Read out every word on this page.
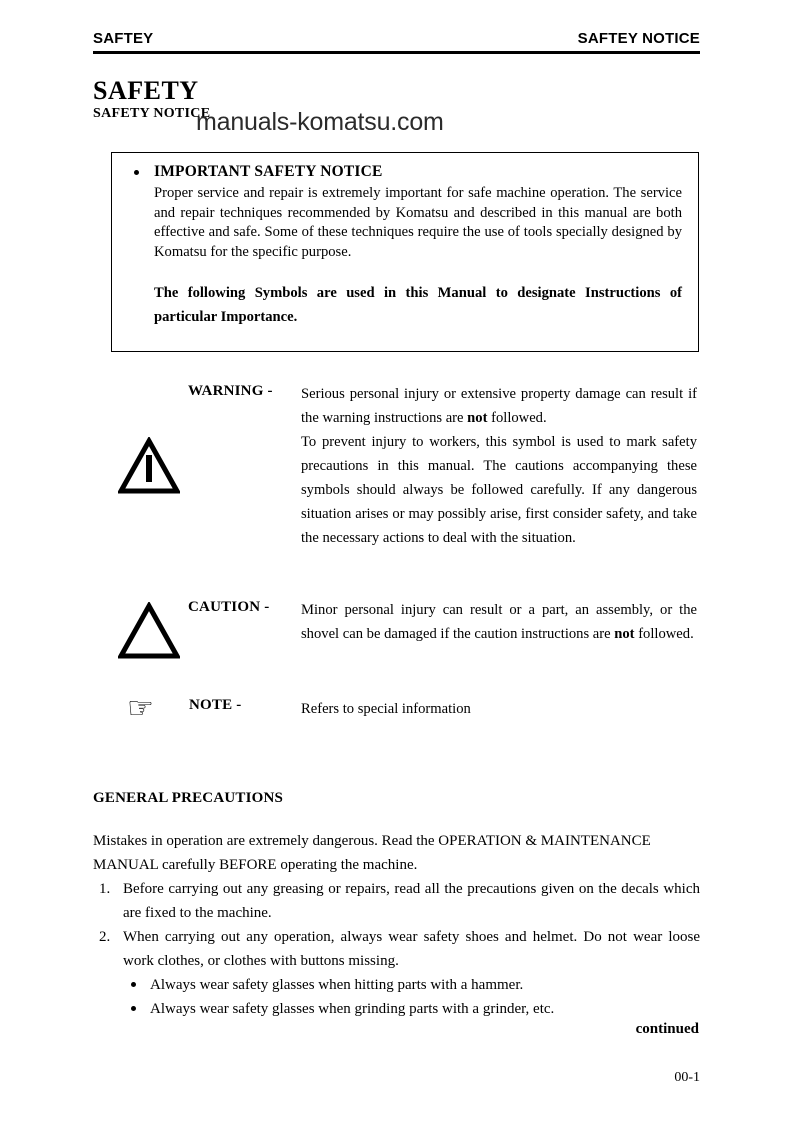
SAFTEY	SAFTEY NOTICE
SAFETY
SAFETY NOTICE
manuals-komatsu.com
IMPORTANT SAFETY NOTICE
Proper service and repair is extremely important for safe machine operation. The service and repair techniques recommended by Komatsu and described in this manual are both effective and safe. Some of these techniques require the use of tools specially designed by Komatsu for the specific purpose.
The following Symbols are used in this Manual to designate Instructions of particular Importance.
WARNING - Serious personal injury or extensive property damage can result if the warning instructions are not followed.
To prevent injury to workers, this symbol is used to mark safety precautions in this manual. The cautions accompanying these symbols should always be followed carefully. If any dangerous situation arises or may possibly arise, first consider safety, and take the necessary actions to deal with the situation.
CAUTION - Minor personal injury can result or a part, an assembly, or the shovel can be damaged if the caution instructions are not followed.
NOTE -
☞	Refers to special information
GENERAL PRECAUTIONS
Mistakes in operation are extremely dangerous. Read the OPERATION & MAINTENANCE MANUAL carefully BEFORE operating the machine.
1. Before carrying out any greasing or repairs, read all the precautions given on the decals which are fixed to the machine.
2. When carrying out any operation, always wear safety shoes and helmet. Do not wear loose work clothes, or clothes with buttons missing.
Always wear safety glasses when hitting parts with a hammer.
Always wear safety glasses when grinding parts with a grinder, etc.
continued
00-1
